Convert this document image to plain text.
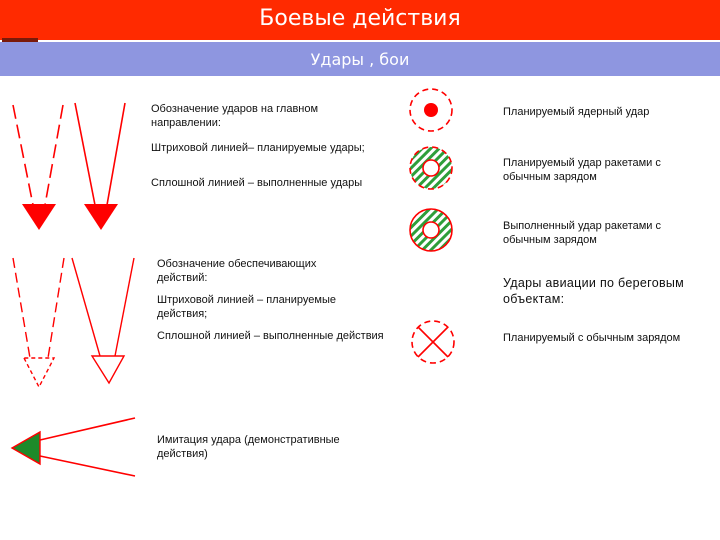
Боевые действия
Удары , бои
Обозначение ударов на главном направлении:
Штриховой линией– планируемые удары;
Сплошной линией – выполненные удары
Обозначение обеспечивающих действий:
Штриховой линией – планируемые действия;
Сплошной линией – выполненные действия
Имитация удара (демонстративные действия)
Планируемый ядерный удар
Планируемый удар ракетами с обычным зарядом
Выполненный удар ракетами с обычным зарядом
Удары авиации по береговым объектам:
Планируемый с обычным зарядом
